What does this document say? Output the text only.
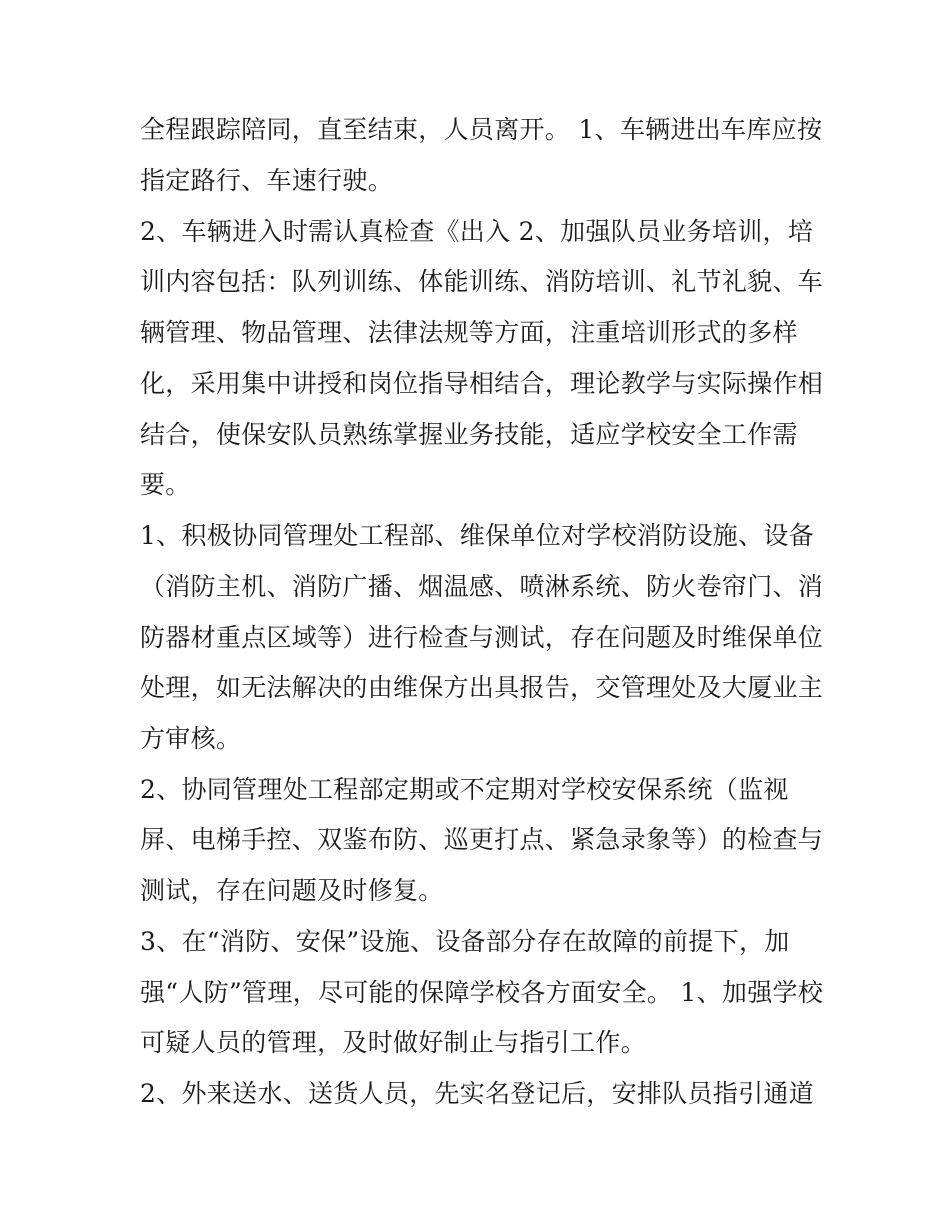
全程跟踪陪同，直至结束，人员离开。 1、车辆进出车库应按
指定路行、车速行驶。
2、车辆进入时需认真检查《出入 2、加强队员业务培训，培
训内容包括：队列训练、体能训练、消防培训、礼节礼貌、车
辆管理、物品管理、法律法规等方面，注重培训形式的多样
化，采用集中讲授和岗位指导相结合，理论教学与实际操作相
结合，使保安队员熟练掌握业务技能，适应学校安全工作需
要。
1、积极协同管理处工程部、维保单位对学校消防设施、设备
（消防主机、消防广播、烟温感、喷淋系统、防火卷帘门、消
防器材重点区域等）进行检查与测试，存在问题及时维保单位
处理，如无法解决的由维保方出具报告，交管理处及大厦业主
方审核。
2、协同管理处工程部定期或不定期对学校安保系统（监视
屏、电梯手控、双鉴布防、巡更打点、紧急录象等）的检查与
测试，存在问题及时修复。
3、在“消防、安保”设施、设备部分存在故障的前提下，加
强“人防”管理，尽可能的保障学校各方面安全。 1、加强学校
可疑人员的管理，及时做好制止与指引工作。
2、外来送水、送货人员，先实名登记后，安排队员指引通道
